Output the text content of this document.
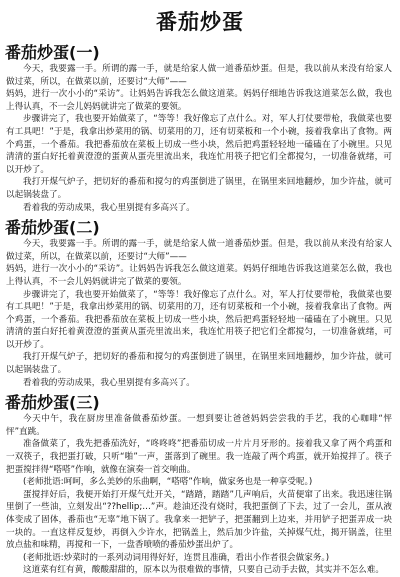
番茄炒蛋
番茄炒蛋(一)

今天，我要露一手。所谓的露一手，就是给家人做一道番茄炒蛋。但是，我以前从来没有给家人做过菜，所以，在做菜以前，还要讨“大师”——

妈妈，进行一次小小的“采访”。让妈妈告诉我怎么做这道菜。妈妈仔细地告诉我这道菜怎么做，我也上得认真，不一会儿妈妈就讲完了做菜的要领。

步骤讲完了，我也要开始做菜了，“等等！我好像忘了点什么。对，军人打仗要带枪，我做菜也要有工具吧！”于是，我拿出炒菜用的锅、切菜用的刀，还有切菜板和一个小碗，接着我拿出了食物。两个鸡蛋，一个番茄。我把番茄放在菜板上切成一些小块，然后把鸡蛋轻轻地一磕磕在了小碗里。只见清清的蛋白好托着黄澄澄的蛋黄从蛋壳里流出来，我连忙用筷子把它们全都搅匀，一切准备就绪，可以开炒了。

我打开煤气炉子，把切好的番茄和搅匀的鸡蛋倒进了锅里，在锅里来回地翻炒，加少许盐，就可以起锅装盘了。

看着我的劳动成果，我心里别提有多高兴了。

番茄炒蛋(二)

今天，我要露一手。所谓的露一手，就是给家人做一道番茄炒蛋。但是，我以前从来没有给家人做过菜，所以，在做菜以前，还要讨“大师”——

妈妈，进行一次小小的“采访”。让妈妈告诉我怎么做这道菜。妈妈仔细地告诉我这道菜怎么做，我也上得认真，不一会儿妈妈就讲完了做菜的要领。

步骤讲完了，我也要开始做菜了，“等等！我好像忘了点什么。对，军人打仗要带枪，我做菜也要有工具吧！”于是，我拿出炒菜用的锅、切菜用的刀，还有切菜板和一个小碗，接着我拿出了食物。两个鸡蛋，一个番茄。我把番茄放在菜板上切成一些小块，然后把鸡蛋轻轻地一磕磕在了小碗里。只见清清的蛋白好托着黄澄澄的蛋黄从蛋壳里流出来，我连忙用筷子把它们全都搅匀，一切准备就绪，可以开炒了。

我打开煤气炉子，把切好的番茄和搅匀的鸡蛋倒进了锅里，在锅里来回地翻炒，加少许盐，就可以起锅装盘了。

看着我的劳动成果，我心里别提有多高兴了。

番茄炒蛋(三)

今天中午，我在厨房里准备做番茄炒蛋。一想到要让爸爸妈妈尝尝我的手艺，我的心咖啡“怦怦”直跳。

准备做菜了，我先把番茄洗好，“咚咚咚”把番茄切成一片片月牙形的。接着我又拿了两个鸡蛋和一双筷子，我把蛋打破，只听“啪”一声，蛋落到了碗里。我一连敲了两个鸡蛋，就开始搅拌了。筷子把蛋搅拌得“嗒嗒”作响，就像在演奏一首交响曲。

(老师批语:呵呵，多么美妙的乐曲啊，“嗒嗒”作响，做家务也是一种享受呢。)

蛋搅拌好后，我便开始打开煤气灶开关，“踏踏，踏踏”几声响后，火苗便窜了出来。我迅速往锅里倒了一些油，立刻发出“??hellip;…”声。趁油还没有烧时，我把蛋倒了下去，过了一会儿，蛋从液体变成了固体，番茄也“无辜”地下锅了。我拿来一把铲子，把蛋翻到上边来，并用铲子把蛋弄成一块一块的。一直这样反复炒，再倒入少许水，把锅盖上，然后加少许盐，关掉煤气灶，揭开锅盖，往里放点盐和味精，再搅和一下，一盘香喷喷的番茄炒蛋出炉了。

(老师批语:炒菜时的一系列动词用得好好，连贯且准确，看出小作者很会做家务。)

这道菜有红有黄，酸酸甜甜的，原本以为很难做的事情，只要自己动手去做，其实并不怎么难。
